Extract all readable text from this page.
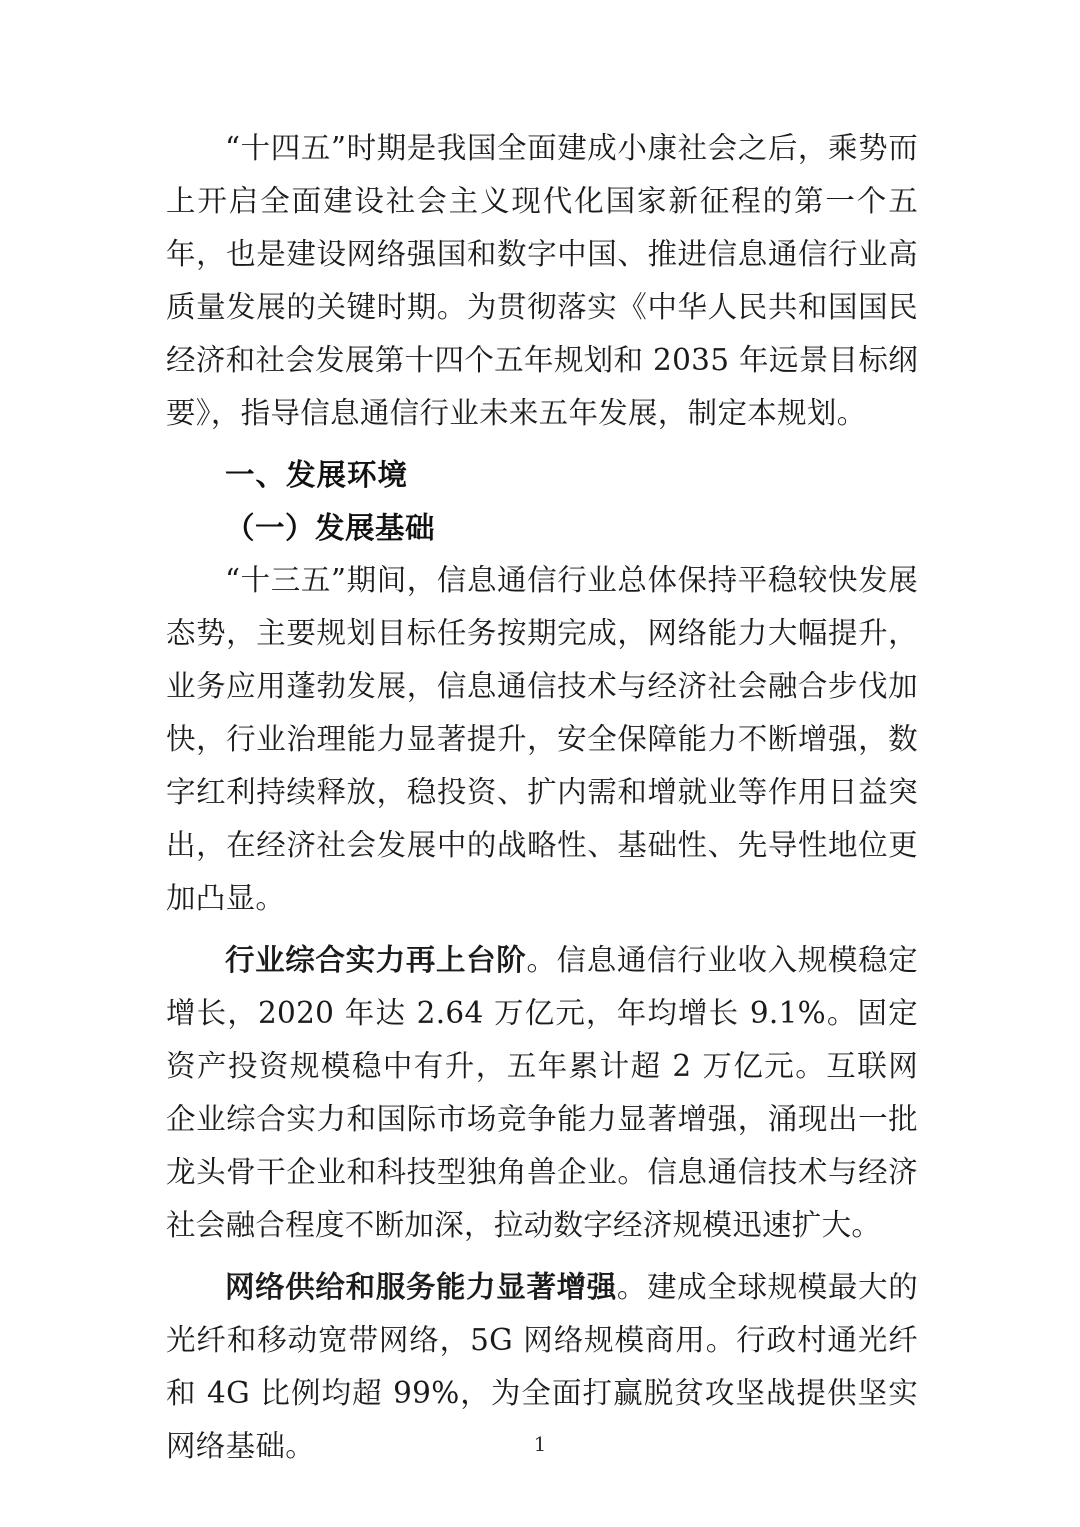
“十四五”时期是我国全面建成小康社会之后，乘势而上开启全面建设社会主义现代化国家新征程的第一个五年，也是建设网络强国和数字中国、推进信息通信行业高质量发展的关键时期。为贯彻落实《中华人民共和国国民经济和社会发展第十四个五年规划和 2035 年远景目标纲要》，指导信息通信行业未来五年发展，制定本规划。

一、发展环境
（一）发展基础

“十三五”期间，信息通信行业总体保持平稳较快发展态势，主要规划目标任务按期完成，网络能力大幅提升，业务应用蓬勃发展，信息通信技术与经济社会融合步伐加快，行业治理能力显著提升，安全保障能力不断增强，数字红利持续释放，稳投资、扩内需和增就业等作用日益突出，在经济社会发展中的战略性、基础性、先导性地位更加凸显。

行业综合实力再上台阶。信息通信行业收入规模稳定增长，2020 年达 2.64 万亿元，年均增长 9.1%。固定资产投资规模稳中有升，五年累计超 2 万亿元。互联网企业综合实力和国际市场竞争能力显著增强，涌现出一批龙头骨干企业和科技型独角兽企业。信息通信技术与经济社会融合程度不断加深，拉动数字经济规模迅速扩大。

网络供给和服务能力显著增强。建成全球规模最大的光纤和移动宽带网络，5G 网络规模商用。行政村通光纤和 4G 比例均超 99%，为全面打赢脱贫攻坚战提供坚实网络基础。	1
